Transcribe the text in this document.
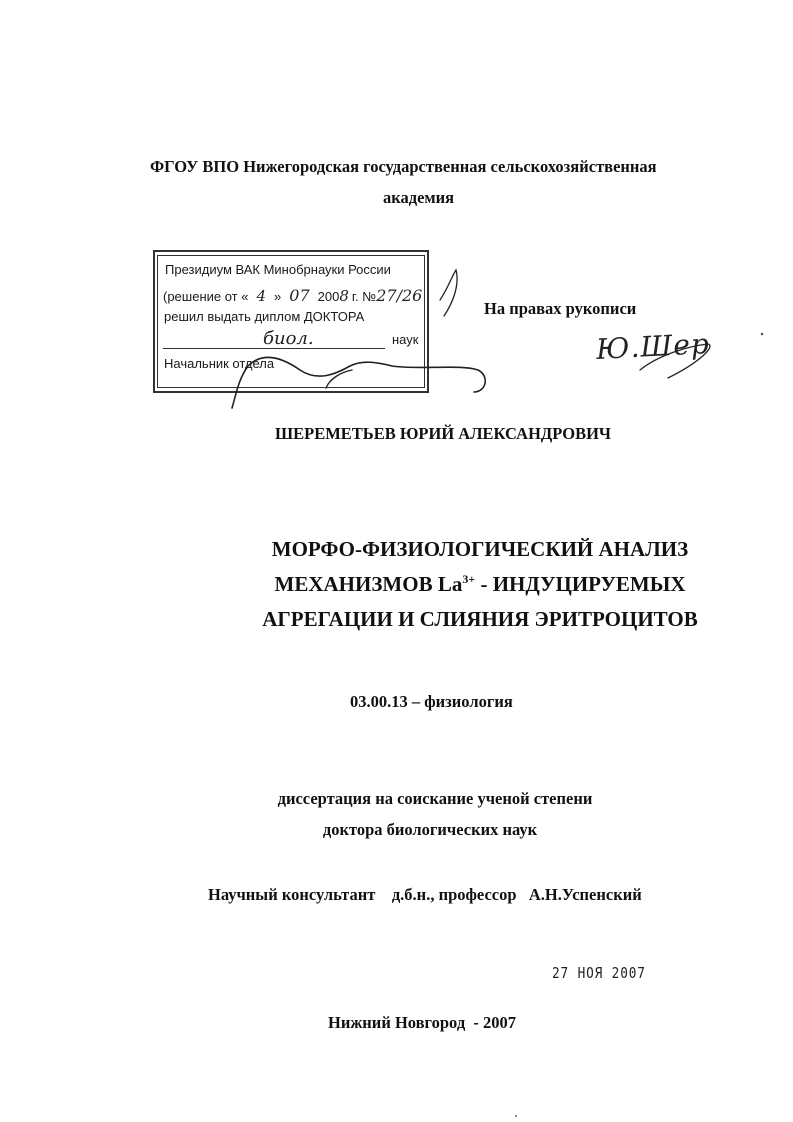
ФГОУ ВПО Нижегородская государственная сельскохозяйственная
академия
Президиум ВАК Минобрнауки России
(решение от « 4 » 07 2008 г. №27/26
решил выдать диплом ДОКТОРА
биол.	наук
Начальник отдела
На правах рукописи
Ю.Шер
ШЕРЕМЕТЬЕВ ЮРИЙ АЛЕКСАНДРОВИЧ
МОРФО-ФИЗИОЛОГИЧЕСКИЙ АНАЛИЗ
МЕХАНИЗМОВ $La^{3+}$ - ИНДУЦИРУЕМЫХ
АГРЕГАЦИИ И СЛИЯНИЯ ЭРИТРОЦИТОВ
03.00.13 – физиология
диссертация на соискание ученой степени
доктора биологических наук
Научный консультант    д.б.н., профессор   А.Н.Успенский
27 НОЯ 2007
Нижний Новгород  - 2007
